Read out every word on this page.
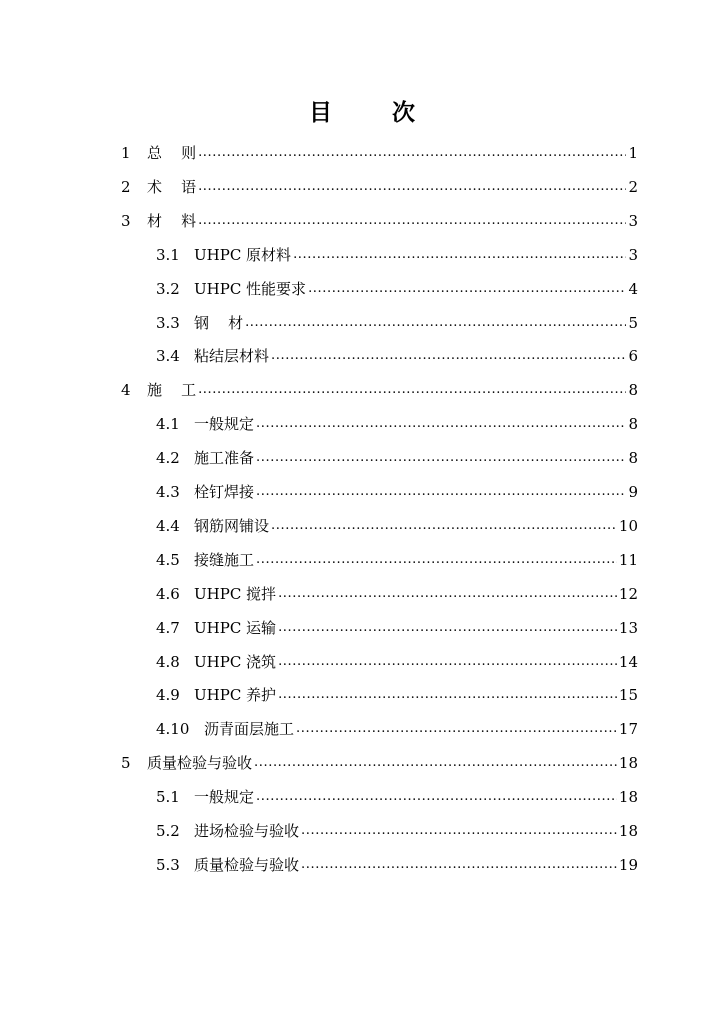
目 次
1	总    则 .....	1
2	术    语 .....	2
3	材    料 .....	3
3.1 UHPC 原材料 .....	3
3.2 UHPC 性能要求 .....	4
3.3 钢    材 .....	5
3.4 粘结层材料 .....	6
4	施    工 .....	8
4.1 一般规定 .....	8
4.2 施工准备 .....	8
4.3 栓钉焊接 .....	9
4.4 钢筋网铺设 .....	10
4.5 接缝施工 .....	11
4.6 UHPC 搅拌 .....	12
4.7 UHPC 运输 .....	13
4.8 UHPC 浇筑 .....	14
4.9 UHPC 养护 .....	15
4.10 沥青面层施工 .....	17
5	质量检验与验收 .....	18
5.1 一般规定 .....	18
5.2 进场检验与验收 .....	18
5.3 质量检验与验收 .....	19
